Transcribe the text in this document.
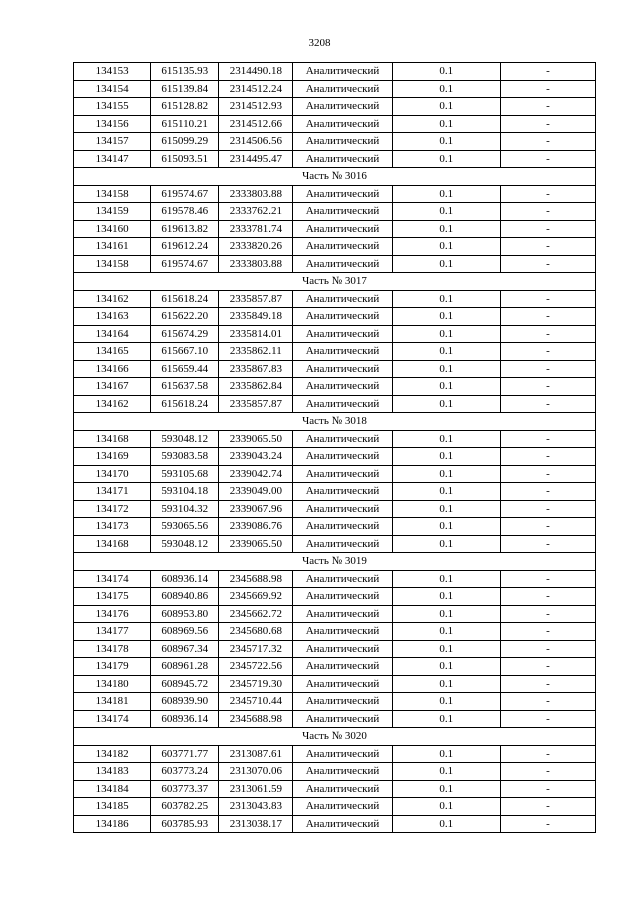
3208
134153	615135.93	2314490.18	Аналитический	0.1	-
134154	615139.84	2314512.24	Аналитический	0.1	-
134155	615128.82	2314512.93	Аналитический	0.1	-
134156	615110.21	2314512.66	Аналитический	0.1	-
134157	615099.29	2314506.56	Аналитический	0.1	-
134147	615093.51	2314495.47	Аналитический	0.1	-
Часть № 3016					
134158	619574.67	2333803.88	Аналитический	0.1	-
134159	619578.46	2333762.21	Аналитический	0.1	-
134160	619613.82	2333781.74	Аналитический	0.1	-
134161	619612.24	2333820.26	Аналитический	0.1	-
134158	619574.67	2333803.88	Аналитический	0.1	-
Часть № 3017					
134162	615618.24	2335857.87	Аналитический	0.1	-
134163	615622.20	2335849.18	Аналитический	0.1	-
134164	615674.29	2335814.01	Аналитический	0.1	-
134165	615667.10	2335862.11	Аналитический	0.1	-
134166	615659.44	2335867.83	Аналитический	0.1	-
134167	615637.58	2335862.84	Аналитический	0.1	-
134162	615618.24	2335857.87	Аналитический	0.1	-
Часть № 3018					
134168	593048.12	2339065.50	Аналитический	0.1	-
134169	593083.58	2339043.24	Аналитический	0.1	-
134170	593105.68	2339042.74	Аналитический	0.1	-
134171	593104.18	2339049.00	Аналитический	0.1	-
134172	593104.32	2339067.96	Аналитический	0.1	-
134173	593065.56	2339086.76	Аналитический	0.1	-
134168	593048.12	2339065.50	Аналитический	0.1	-
Часть № 3019					
134174	608936.14	2345688.98	Аналитический	0.1	-
134175	608940.86	2345669.92	Аналитический	0.1	-
134176	608953.80	2345662.72	Аналитический	0.1	-
134177	608969.56	2345680.68	Аналитический	0.1	-
134178	608967.34	2345717.32	Аналитический	0.1	-
134179	608961.28	2345722.56	Аналитический	0.1	-
134180	608945.72	2345719.30	Аналитический	0.1	-
134181	608939.90	2345710.44	Аналитический	0.1	-
134174	608936.14	2345688.98	Аналитический	0.1	-
Часть № 3020					
134182	603771.77	2313087.61	Аналитический	0.1	-
134183	603773.24	2313070.06	Аналитический	0.1	-
134184	603773.37	2313061.59	Аналитический	0.1	-
134185	603782.25	2313043.83	Аналитический	0.1	-
134186	603785.93	2313038.17	Аналитический	0.1	-
